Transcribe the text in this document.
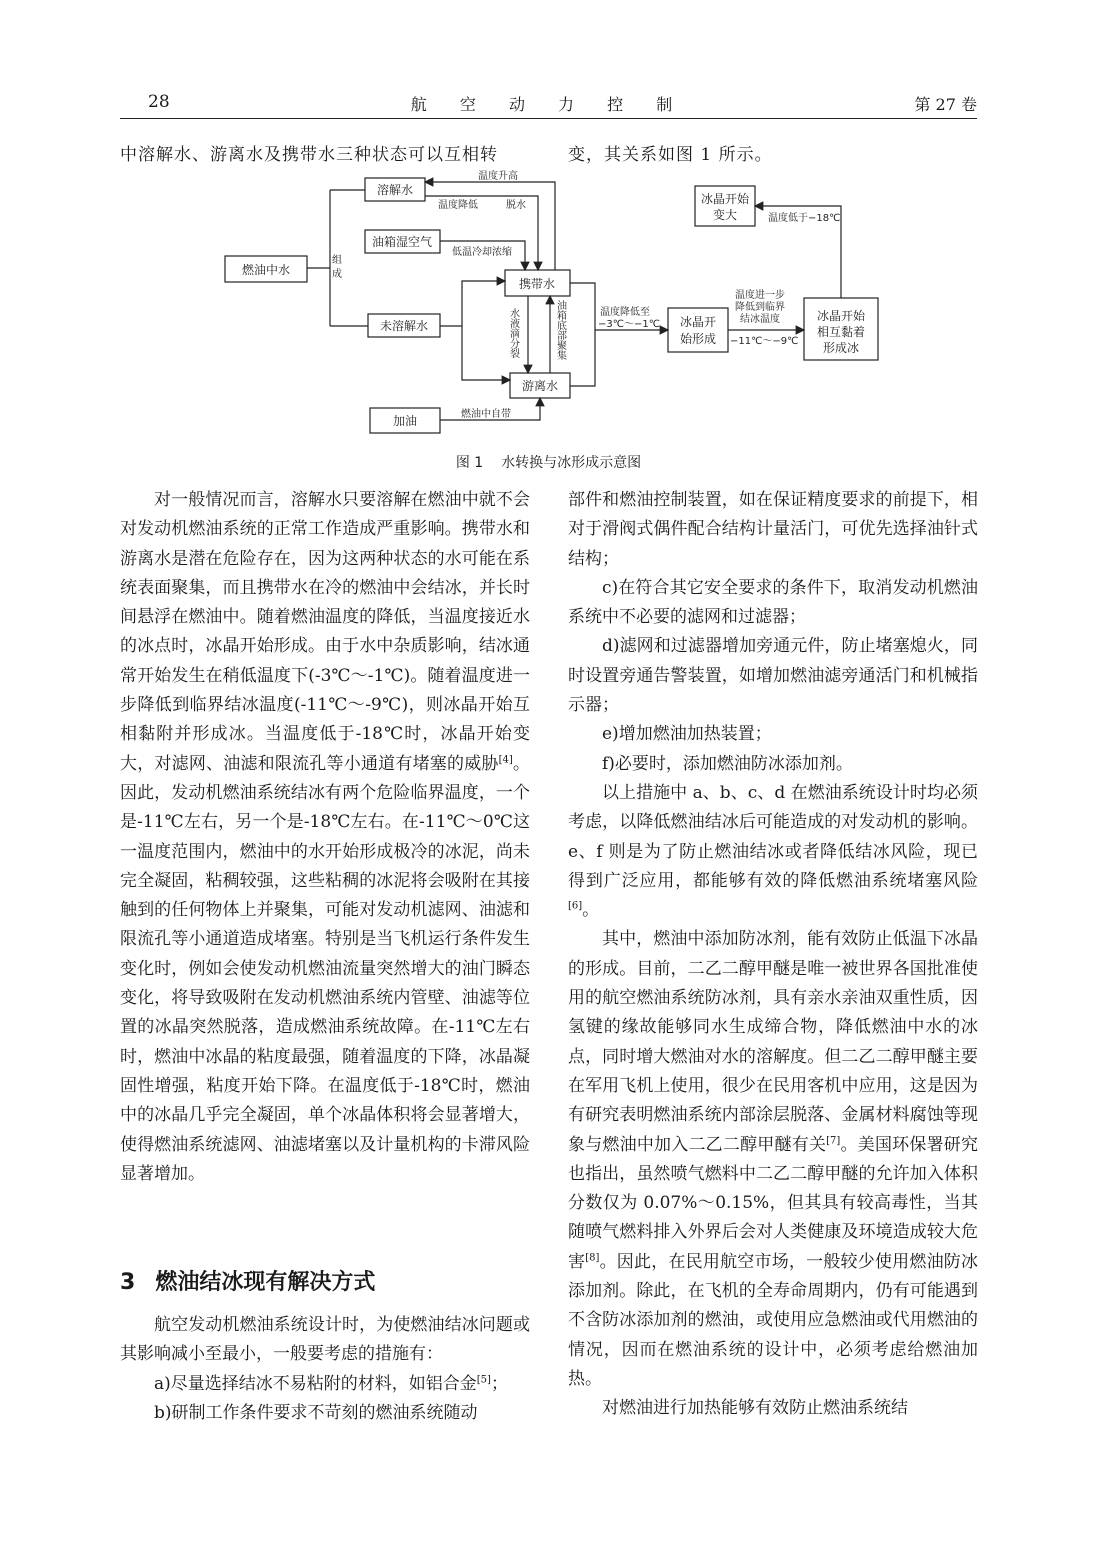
28	航 空 动 力 控 制	第 27 卷
中溶解水、游离水及携带水三种状态可以互相转	变，其关系如图 1 所示。
溶解水
油箱湿空气
燃油中水
未溶解水
携带水
游离水
加油
冰晶开
始形成
冰晶开始
相互黏着
形成冰
冰晶开始
变大
温度升高
温度降低	脱水
低温冷却浓缩
组
成
燃油中自带
温度降低至
−3℃～−1℃
温度进一步
降低到临界
结冰温度
−11℃～−9℃
温度低于−18℃
水液滴分裂	油箱底部聚集
图 1 水转换与冰形成示意图

对一般情况而言，溶解水只要溶解在燃油中就不会对发动机燃油系统的正常工作造成严重影响。携带水和游离水是潜在危险存在，因为这两种状态的水可能在系统表面聚集，而且携带水在冷的燃油中会结冰，并长时间悬浮在燃油中。随着燃油温度的降低，当温度接近水的冰点时，冰晶开始形成。由于水中杂质影响，结冰通常开始发生在稍低温度下(-3℃～-1℃)。随着温度进一步降低到临界结冰温度(-11℃～-9℃)，则冰晶开始互相黏附并形成冰。当温度低于-18℃时，冰晶开始变大，对滤网、油滤和限流孔等小通道有堵塞的威胁[4]。因此，发动机燃油系统结冰有两个危险临界温度，一个是-11℃左右，另一个是-18℃左右。在-11℃～0℃这一温度范围内，燃油中的水开始形成极冷的冰泥，尚未完全凝固，粘稠较强，这些粘稠的冰泥将会吸附在其接触到的任何物体上并聚集，可能对发动机滤网、油滤和限流孔等小通道造成堵塞。特别是当飞机运行条件发生变化时，例如会使发动机燃油流量突然增大的油门瞬态变化，将导致吸附在发动机燃油系统内管壁、油滤等位置的冰晶突然脱落，造成燃油系统故障。在-11℃左右时，燃油中冰晶的粘度最强，随着温度的下降，冰晶凝固性增强，粘度开始下降。在温度低于-18℃时，燃油中的冰晶几乎完全凝固，单个冰晶体积将会显著增大，使得燃油系统滤网、油滤堵塞以及计量机构的卡滞风险显著增加。

3 燃油结冰现有解决方式

航空发动机燃油系统设计时，为使燃油结冰问题或其影响减小至最小，一般要考虑的措施有：

a)尽量选择结冰不易粘附的材料，如铝合金[5]；

b)研制工作条件要求不苛刻的燃油系统随动

部件和燃油控制装置，如在保证精度要求的前提下，相对于滑阀式偶件配合结构计量活门，可优先选择油针式结构；

c)在符合其它安全要求的条件下，取消发动机燃油系统中不必要的滤网和过滤器；

d)滤网和过滤器增加旁通元件，防止堵塞熄火，同时设置旁通告警装置，如增加燃油滤旁通活门和机械指示器；

e)增加燃油加热装置；

f)必要时，添加燃油防冰添加剂。

以上措施中 a、b、c、d 在燃油系统设计时均必须考虑，以降低燃油结冰后可能造成的对发动机的影响。e、f 则是为了防止燃油结冰或者降低结冰风险，现已得到广泛应用，都能够有效的降低燃油系统堵塞风险[6]。

其中，燃油中添加防冰剂，能有效防止低温下冰晶的形成。目前，二乙二醇甲醚是唯一被世界各国批准使用的航空燃油系统防冰剂，具有亲水亲油双重性质，因氢键的缘故能够同水生成缔合物，降低燃油中水的冰点，同时增大燃油对水的溶解度。但二乙二醇甲醚主要在军用飞机上使用，很少在民用客机中应用，这是因为有研究表明燃油系统内部涂层脱落、金属材料腐蚀等现象与燃油中加入二乙二醇甲醚有关[7]。美国环保署研究也指出，虽然喷气燃料中二乙二醇甲醚的允许加入体积分数仅为 0.07%～0.15%，但其具有较高毒性，当其随喷气燃料排入外界后会对人类健康及环境造成较大危害[8]。因此，在民用航空市场，一般较少使用燃油防冰添加剂。除此，在飞机的全寿命周期内，仍有可能遇到不含防冰添加剂的燃油，或使用应急燃油或代用燃油的情况，因而在燃油系统的设计中，必须考虑给燃油加热。

对燃油进行加热能够有效防止燃油系统结
